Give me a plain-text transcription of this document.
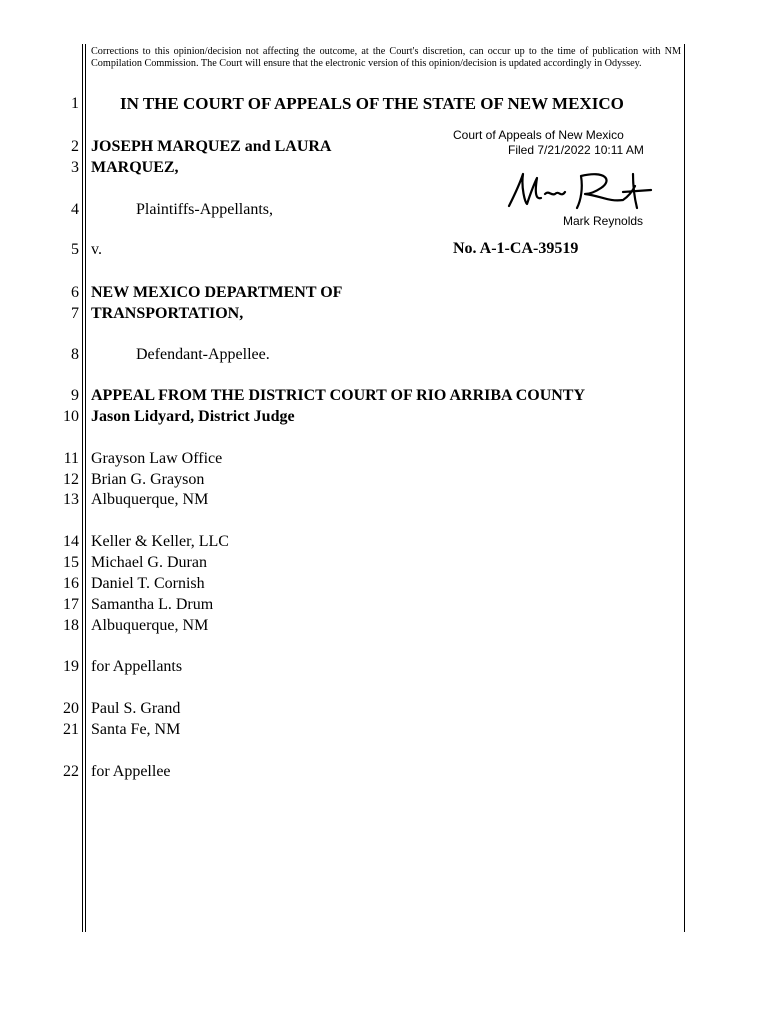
Corrections to this opinion/decision not affecting the outcome, at the Court's discretion, can occur up to the time of publication with NM Compilation Commission. The Court will ensure that the electronic version of this opinion/decision is updated accordingly in Odyssey.
1
2
3
4
5
6
7
8
9
10
11
12
13
14
15
16
17
18
19
20
21
22
IN THE COURT OF APPEALS OF THE STATE OF NEW MEXICO
Court of Appeals of New Mexico
Filed 7/21/2022 10:11 AM
Mark Reynolds
JOSEPH MARQUEZ and LAURA
MARQUEZ,
Plaintiffs-Appellants,
v.	No. A-1-CA-39519
NEW MEXICO DEPARTMENT OF
TRANSPORTATION,
Defendant-Appellee.
APPEAL FROM THE DISTRICT COURT OF RIO ARRIBA COUNTY
Jason Lidyard, District Judge
Grayson Law Office
Brian G. Grayson
Albuquerque, NM
Keller & Keller, LLC
Michael G. Duran
Daniel T. Cornish
Samantha L. Drum
Albuquerque, NM
for Appellants
Paul S. Grand
Santa Fe, NM
for Appellee
